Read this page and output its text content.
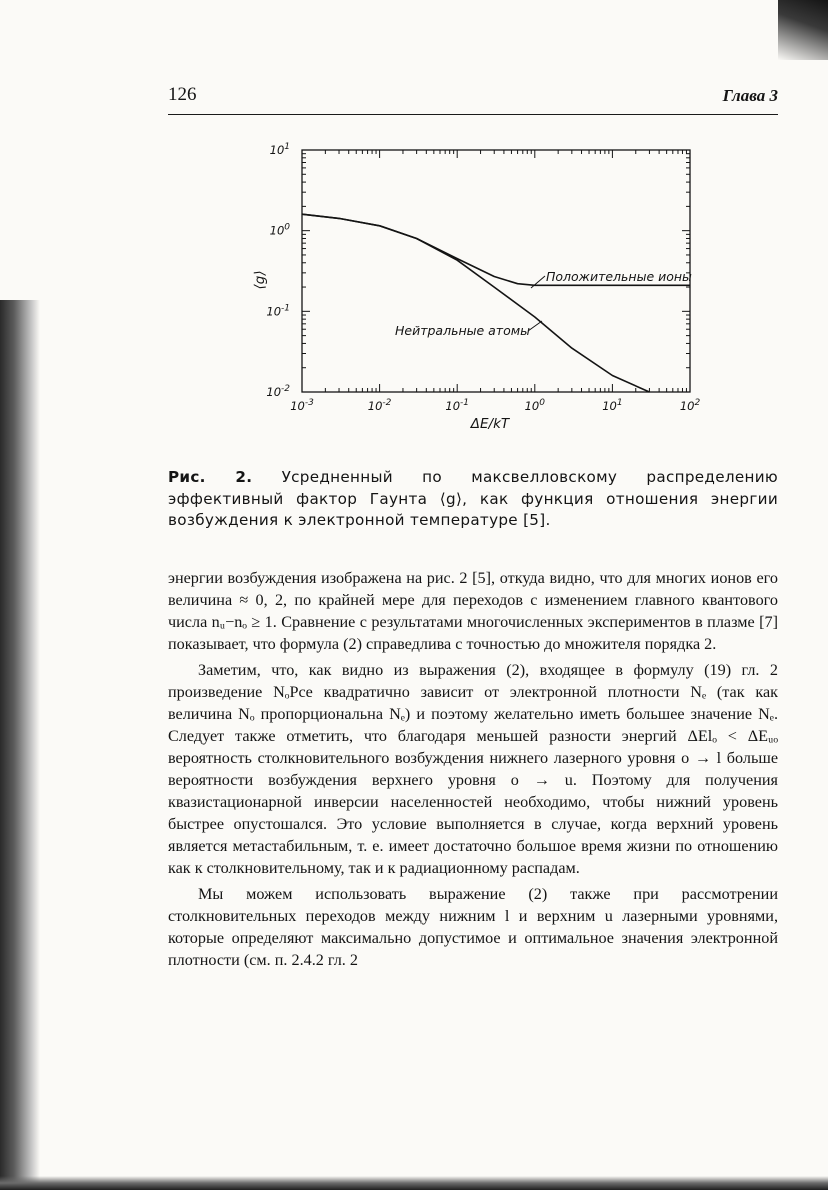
126	Глава 3
$10^{-3}$	$10^{-2}$	$10^{-1}$	$10^0$	$10^1$	$10^2$
$10^{-2}$
$10^{-1}$
$10^0$
$10^1$
ΔE/kT
⟨g⟩	Положительные ионы
Нейтральные атомы
Рис. 2. Усредненный по максвелловскому распределению эффективный фактор Гаунта ⟨g⟩, как функция отношения энергии возбуждения к электронной температуре [5].

энергии возбуждения изображена на рис. 2 [5], откуда видно, что для многих ионов его величина ≈ 0, 2, по крайней мере для переходов с изменением главного квантового числа nᵤ−nₒ ≥ 1. Сравнение с результатами многочисленных экспериментов в плазме [7] показывает, что формула (2) справедлива с точностью до множителя порядка 2.

Заметим, что, как видно из выражения (2), входящее в формулу (19) гл. 2 произведение NₒPce квадратично зависит от электронной плотности Nₑ (так как величина Nₒ пропорциональна Nₑ) и поэтому желательно иметь большее значение Nₑ. Следует также отметить, что благодаря меньшей разности энергий ΔElₒ < ΔEᵤₒ вероятность столкновительного возбуждения нижнего лазерного уровня o → l больше вероятности возбуждения верхнего уровня o → u. Поэтому для получения квазистационарной инверсии населенностей необходимо, чтобы нижний уровень быстрее опустошался. Это условие выполняется в случае, когда верхний уровень является метастабильным, т. е. имеет достаточно большое время жизни по отношению как к столкновительному, так и к радиационному распадам.

Мы можем использовать выражение (2) также при рассмотрении столкновительных переходов между нижним l и верхним u лазерными уровнями, которые определяют максимально допустимое и оптимальное значения электронной плотности (см. п. 2.4.2 гл. 2
